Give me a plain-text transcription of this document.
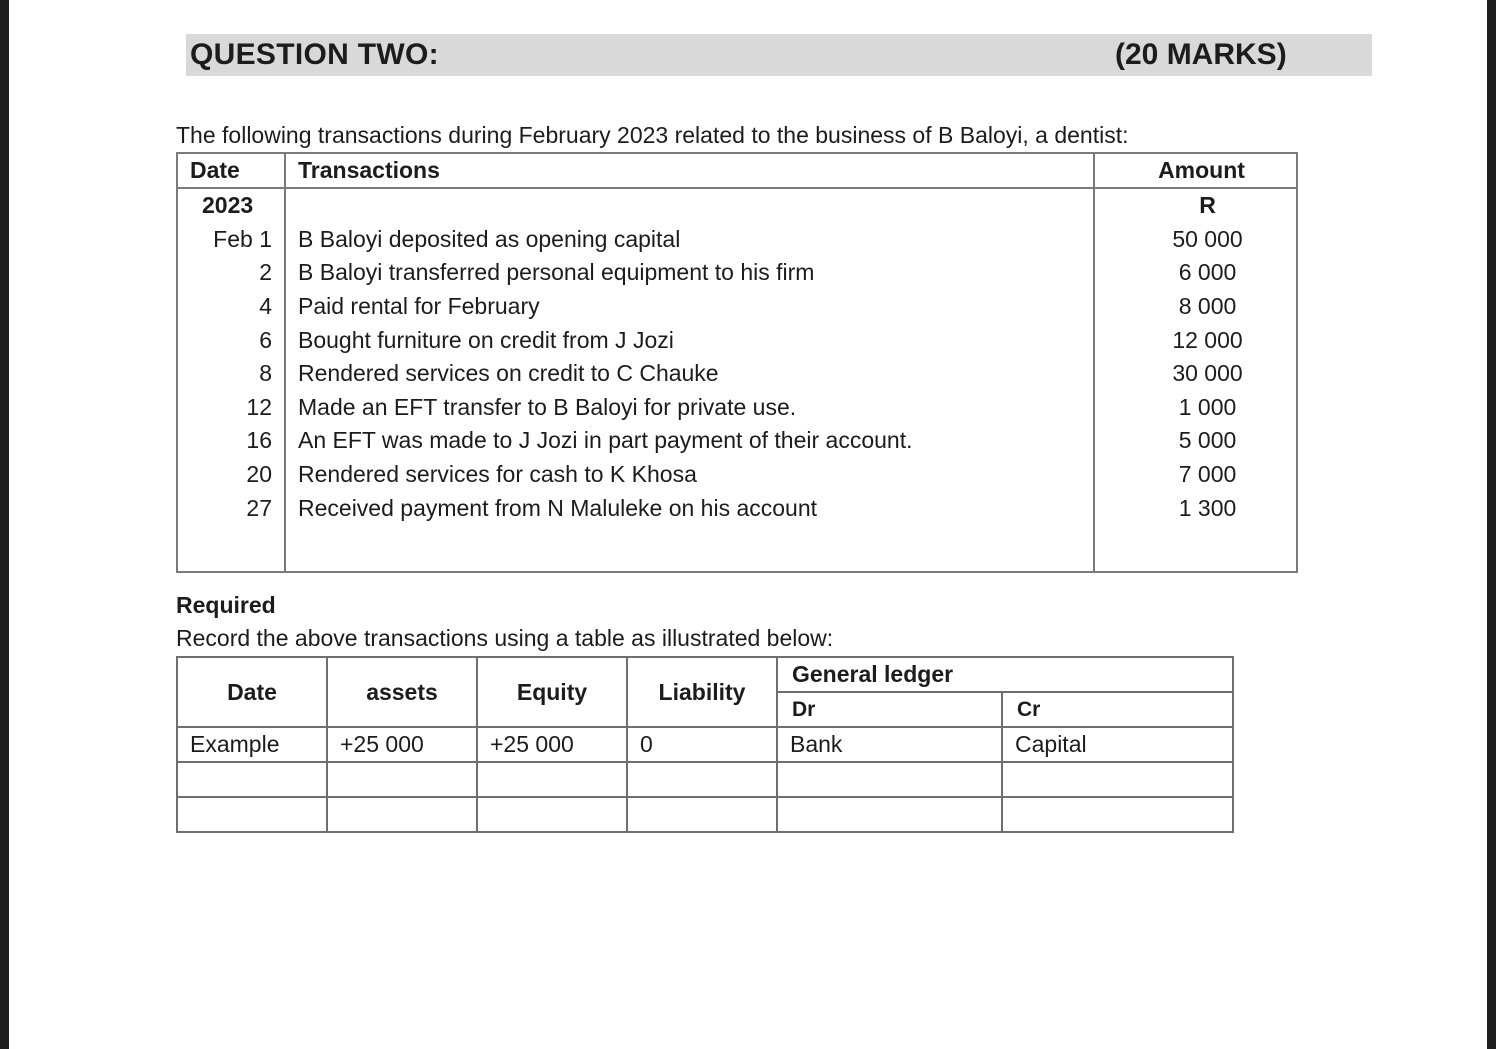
QUESTION TWO:	(20 MARKS)
The following transactions during February 2023 related to the business of B Baloyi, a dentist:
Date	Transactions	Amount
2023		R
Feb 1	B Baloyi deposited as opening capital	50 000
2	B Baloyi transferred personal equipment to his firm	6 000
4	Paid rental for February	8 000
6	Bought furniture on credit from J Jozi	12 000
8	Rendered services on credit to C Chauke	30 000
12	Made an EFT transfer to B Baloyi for private use.	1 000
16	An EFT was made to J Jozi in part payment of their account.	5 000
20	Rendered services for cash to K Khosa	7 000
27	Received payment from N Maluleke on his account	1 300

Required
Record the above transactions using a table as illustrated below:
Date	assets	Equity	Liability	General ledger	
				Dr	Cr
Example	+25 000	+25 000	0	Bank	Capital
